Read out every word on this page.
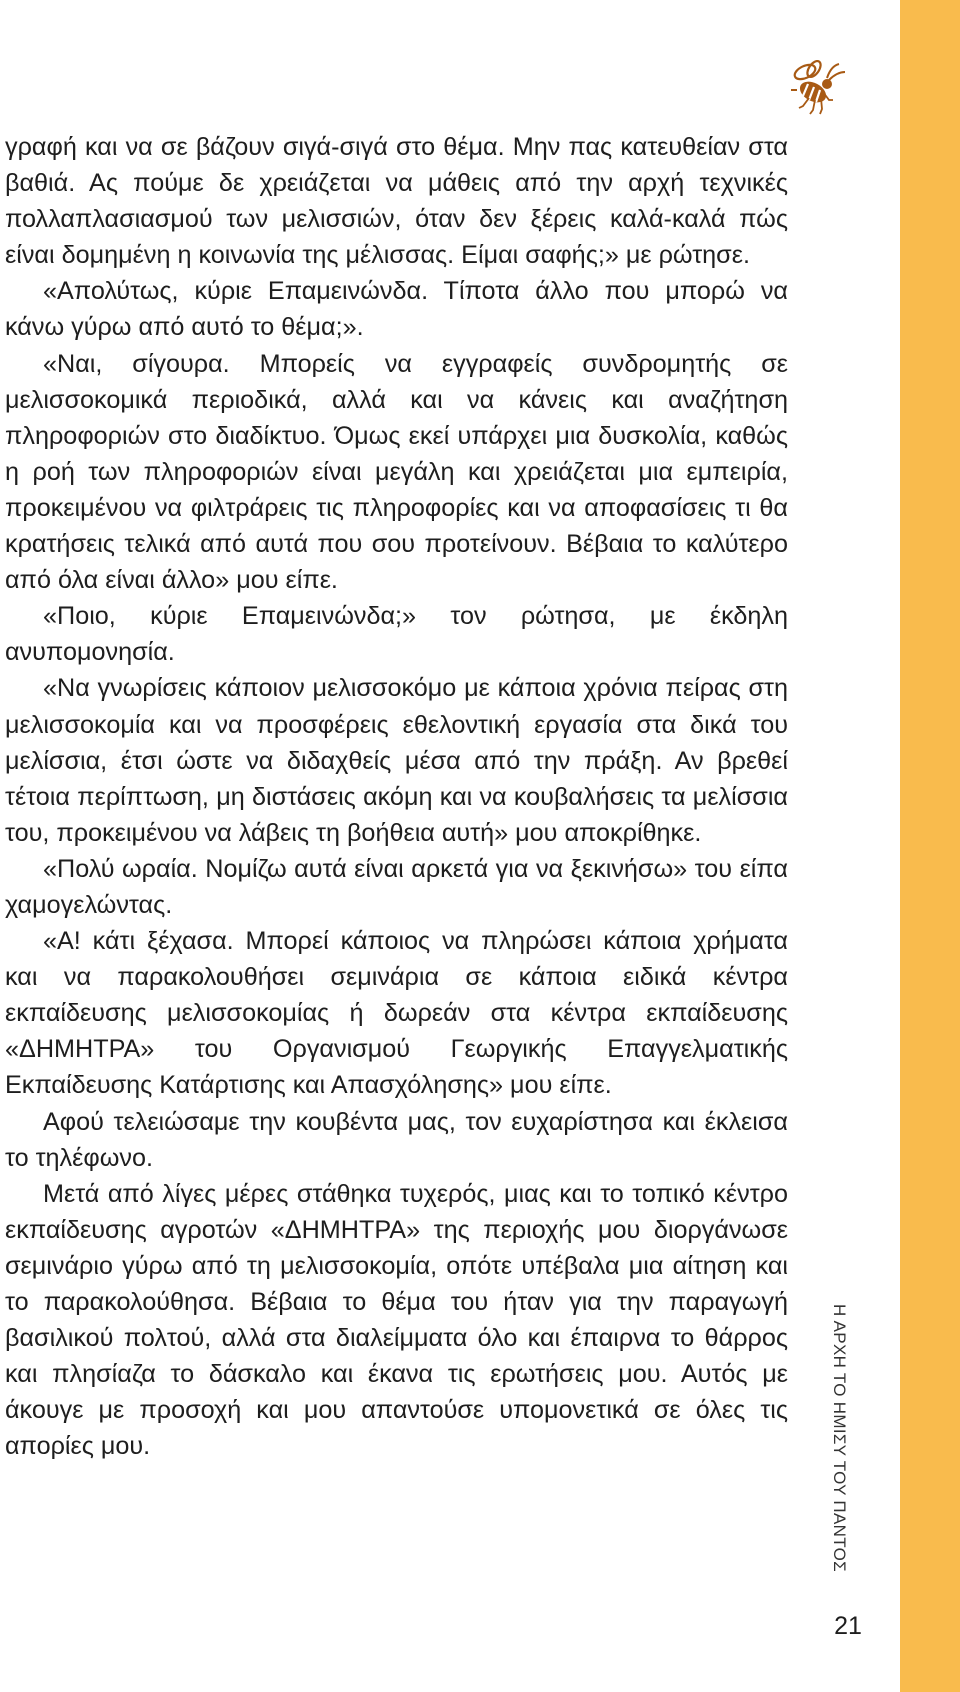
γραφή και να σε βάζουν σιγά-σιγά στο θέμα. Μην πας κατευθείαν στα βαθιά. Ας πούμε δε χρειάζεται να μάθεις από την αρχή τεχνικές πολλαπλασιασμού των μελισσιών, όταν δεν ξέρεις καλά-καλά πώς είναι δομημένη η κοινωνία της μέλισσας. Είμαι σαφής;» με ρώτησε.

«Απολύτως, κύριε Επαμεινώνδα. Τίποτα άλλο που μπορώ να κάνω γύρω από αυτό το θέμα;».

«Ναι, σίγουρα. Μπορείς να εγγραφείς συνδρομητής σε μελισσοκομικά περιοδικά, αλλά και να κάνεις και αναζήτηση πληροφοριών στο διαδίκτυο. Όμως εκεί υπάρχει μια δυσκολία, καθώς η ροή των πληροφοριών είναι μεγάλη και χρειάζεται μια εμπειρία, προκειμένου να φιλτράρεις τις πληροφορίες και να αποφασίσεις τι θα κρατήσεις τελικά από αυτά που σου προτείνουν. Βέβαια το καλύτερο από όλα είναι άλλο» μου είπε.

«Ποιο, κύριε Επαμεινώνδα;» τον ρώτησα, με έκδηλη ανυπομονησία.

«Να γνωρίσεις κάποιον μελισσοκόμο με κάποια χρόνια πείρας στη μελισσοκομία και να προσφέρεις εθελοντική εργασία στα δικά του μελίσσια, έτσι ώστε να διδαχθείς μέσα από την πράξη. Αν βρεθεί τέτοια περίπτωση, μη διστάσεις ακόμη και να κουβαλήσεις τα μελίσσια του, προκειμένου να λάβεις τη βοήθεια αυτή» μου αποκρίθηκε.

«Πολύ ωραία. Νομίζω αυτά είναι αρκετά για να ξεκινήσω» του είπα χαμογελώντας.

«Α! κάτι ξέχασα. Μπορεί κάποιος να πληρώσει κάποια χρήματα και να παρακολουθήσει σεμινάρια σε κάποια ειδικά κέντρα εκπαίδευσης μελισσοκομίας ή δωρεάν στα κέντρα εκπαίδευσης «ΔΗΜΗΤΡΑ» του Οργανισμού Γεωργικής Επαγγελματικής Εκπαίδευσης Κατάρτισης και Απασχόλησης» μου είπε.

Αφού τελειώσαμε την κουβέντα μας, τον ευχαρίστησα και έκλεισα το τηλέφωνο.

Μετά από λίγες μέρες στάθηκα τυχερός, μιας και το τοπικό κέντρο εκπαίδευσης αγροτών «ΔΗΜΗΤΡΑ» της περιοχής μου διοργάνωσε σεμινάριο γύρω από τη μελισσοκομία, οπότε υπέβαλα μια αίτηση και το παρακολούθησα. Βέβαια το θέμα του ήταν για την παραγωγή βασιλικού πολτού, αλλά στα διαλείμματα όλο και έπαιρνα το θάρρος και πλησίαζα το δάσκαλο και έκανα τις ερωτήσεις μου. Αυτός με άκουγε με προσοχή και μου απαντούσε υπομονετικά σε όλες τις απορίες μου.	Η ΑΡΧΗ ΤΟ ΗΜΙΣΥ ΤΟΥ ΠΑΝΤΟΣ
21
